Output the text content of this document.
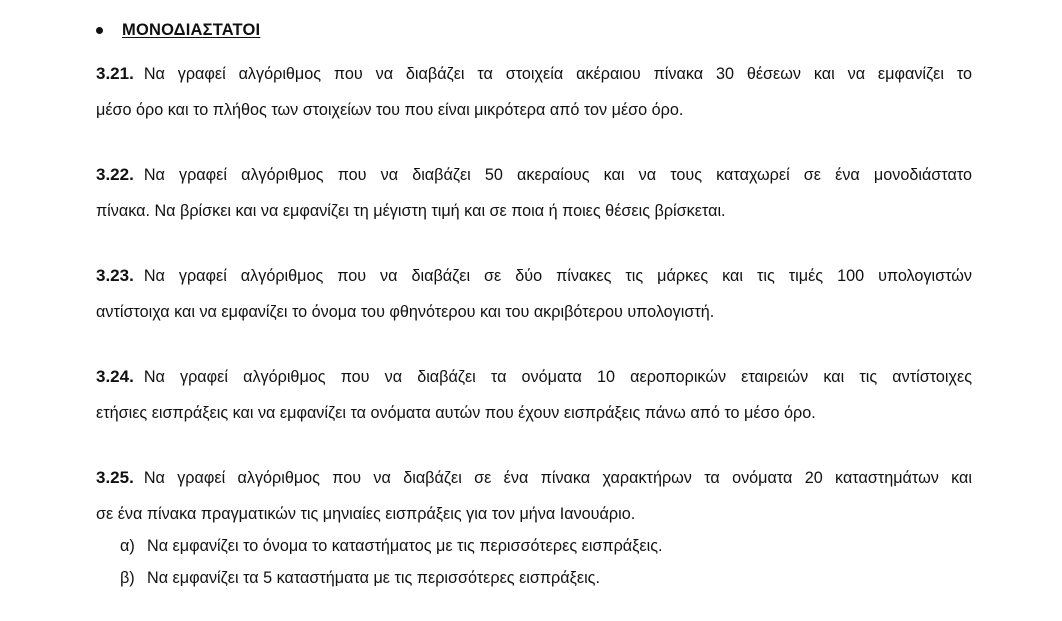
ΜΟΝΟΔΙΑΣΤΑΤΟΙ
3.21. Να γραφεί αλγόριθμος που να διαβάζει τα στοιχεία ακέραιου πίνακα 30 θέσεων και να εμφανίζει το
μέσο όρο και το πλήθος των στοιχείων του που είναι μικρότερα από τον μέσο όρο.
3.22. Να γραφεί αλγόριθμος που να διαβάζει 50 ακεραίους και να τους καταχωρεί σε ένα μονοδιάστατο
πίνακα. Να βρίσκει και να εμφανίζει τη μέγιστη τιμή και σε ποια ή ποιες θέσεις βρίσκεται.
3.23. Να γραφεί αλγόριθμος που να διαβάζει σε δύο πίνακες τις μάρκες και τις τιμές 100 υπολογιστών
αντίστοιχα και να εμφανίζει το όνομα του φθηνότερου και του ακριβότερου υπολογιστή.
3.24. Να γραφεί αλγόριθμος που να διαβάζει τα ονόματα 10 αεροπορικών εταιρειών και τις αντίστοιχες
ετήσιες εισπράξεις και να εμφανίζει τα ονόματα αυτών που έχουν εισπράξεις πάνω από το μέσο όρο.
3.25. Να γραφεί αλγόριθμος που να διαβάζει σε ένα πίνακα χαρακτήρων τα ονόματα 20 καταστημάτων και
σε ένα πίνακα πραγματικών τις μηνιαίες εισπράξεις για τον μήνα Ιανουάριο.
α) Να εμφανίζει το όνομα το καταστήματος με τις περισσότερες εισπράξεις.
β) Να εμφανίζει τα 5 καταστήματα με τις περισσότερες εισπράξεις.
